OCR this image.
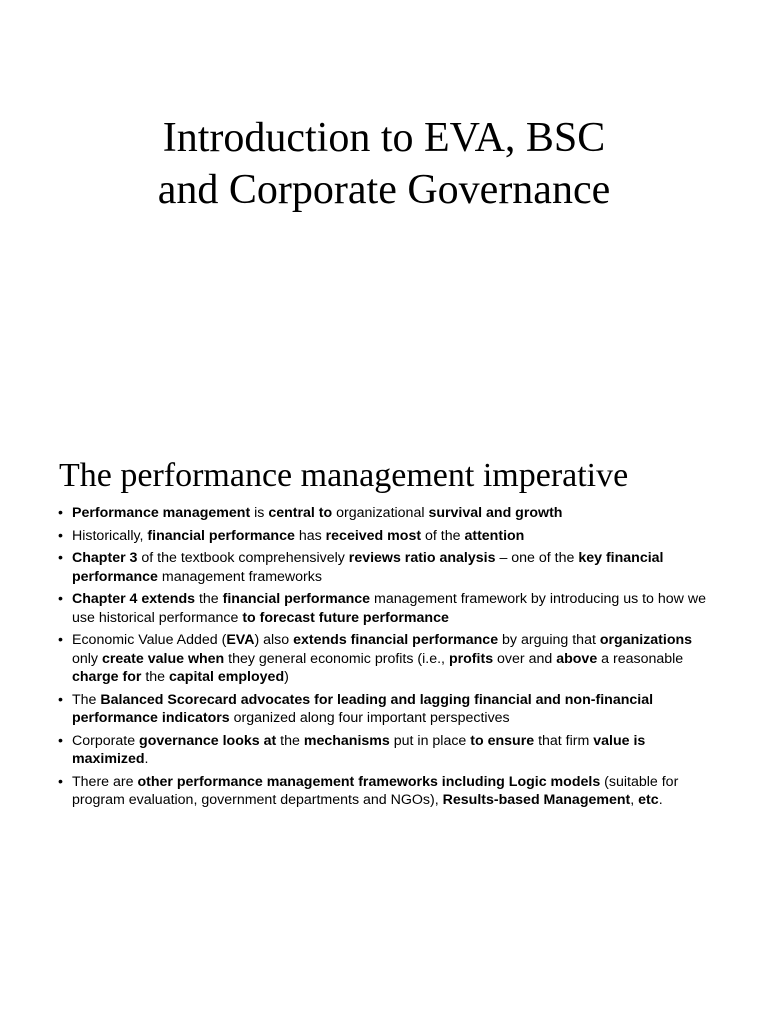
Introduction to EVA, BSC
and Corporate Governance
The performance management imperative
• Performance management is central to organizational survival and growth
• Historically, financial performance has received most of the attention
• Chapter 3 of the textbook comprehensively reviews ratio analysis – one of the key financial performance management frameworks
• Chapter 4 extends the financial performance management framework by introducing us to how we use historical performance to forecast future performance
• Economic Value Added (EVA) also extends financial performance by arguing that organizations only create value when they general economic profits (i.e., profits over and above a reasonable charge for the capital employed)
• The Balanced Scorecard advocates for leading and lagging financial and non-financial performance indicators organized along four important perspectives
• Corporate governance looks at the mechanisms put in place to ensure that firm value is maximized.
• There are other performance management frameworks including Logic models (suitable for program evaluation, government departments and NGOs), Results-based Management, etc.
